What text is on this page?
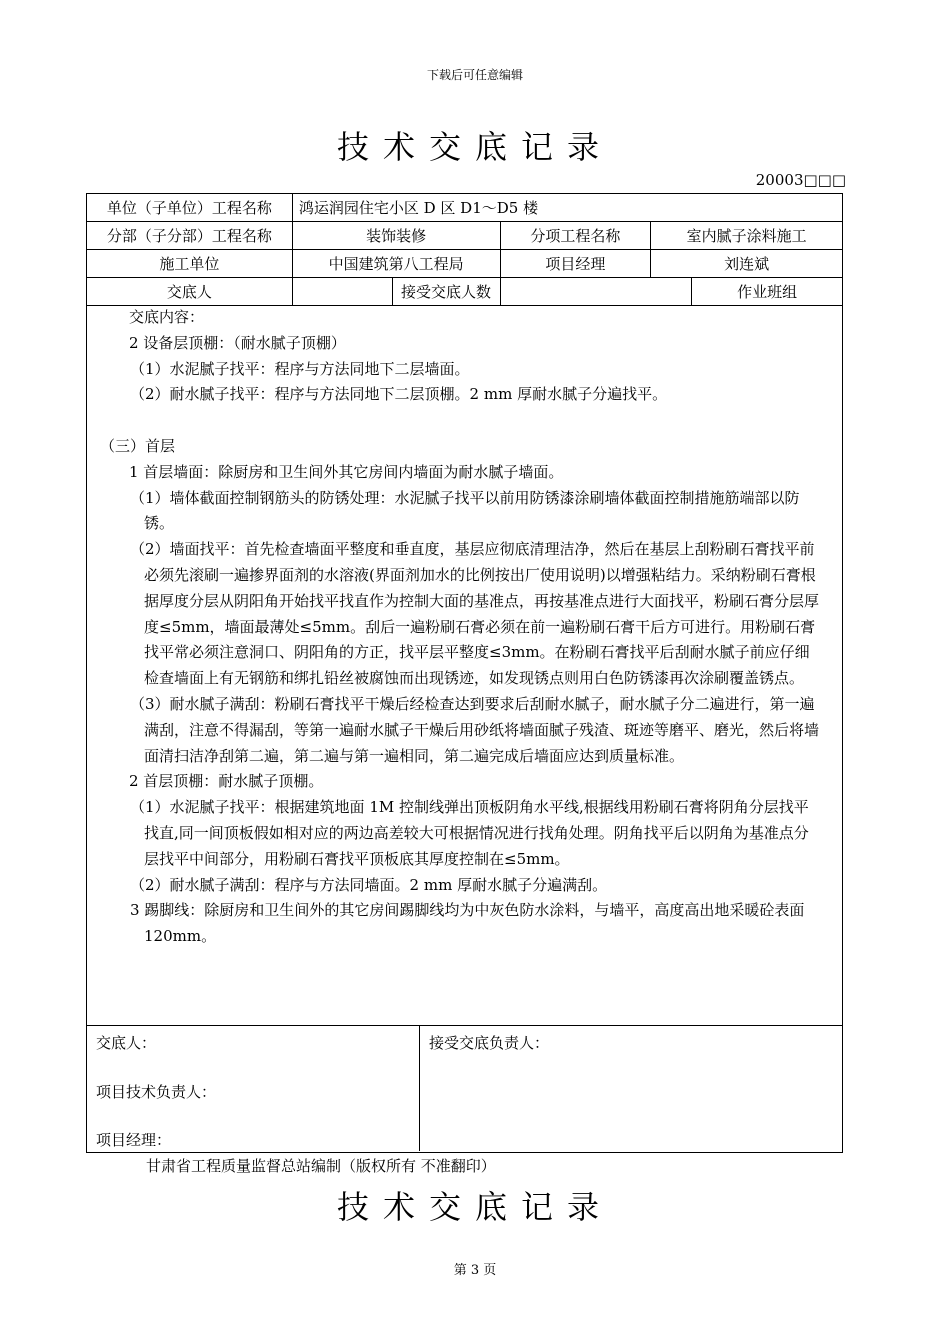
下载后可任意编辑
技术交底记录
20003□□□
单位（子单位）工程名称	鸿运润园住宅小区 D 区 D1～D5 楼				
分部（子分部）工程名称	装饰装修		分项工程名称	室内腻子涂料施工	
施工单位	中国建筑第八工程局		项目经理	刘连斌	
交底人		接受交底人数			作业班组

交底内容：

2 设备层顶棚：（耐水腻子顶棚）

（1）水泥腻子找平：程序与方法同地下二层墙面。

（2）耐水腻子找平：程序与方法同地下二层顶棚。2 mm 厚耐水腻子分遍找平。

（三）首层

1 首层墙面：除厨房和卫生间外其它房间内墙面为耐水腻子墙面。

（1）墙体截面控制钢筋头的防锈处理：水泥腻子找平以前用防锈漆涂刷墙体截面控制措施筋端部以防锈。

（2）墙面找平：首先检查墙面平整度和垂直度，基层应彻底清理洁净，然后在基层上刮粉刷石膏找平前必须先滚刷一遍掺界面剂的水溶液(界面剂加水的比例按出厂使用说明)以增强粘结力。采纳粉刷石膏根据厚度分层从阴阳角开始找平找直作为控制大面的基准点，再按基准点进行大面找平，粉刷石膏分层厚度≤5mm，墙面最薄处≤5mm。刮后一遍粉刷石膏必须在前一遍粉刷石膏干后方可进行。用粉刷石膏找平常必须注意洞口、阴阳角的方正，找平层平整度≤3mm。在粉刷石膏找平后刮耐水腻子前应仔细检查墙面上有无钢筋和绑扎铅丝被腐蚀而出现锈迹，如发现锈点则用白色防锈漆再次涂刷覆盖锈点。

（3）耐水腻子满刮：粉刷石膏找平干燥后经检查达到要求后刮耐水腻子，耐水腻子分二遍进行，第一遍满刮，注意不得漏刮，等第一遍耐水腻子干燥后用砂纸将墙面腻子残渣、斑迹等磨平、磨光，然后将墙面清扫洁净刮第二遍，第二遍与第一遍相同，第二遍完成后墙面应达到质量标准。

2 首层顶棚：耐水腻子顶棚。

（1）水泥腻子找平：根据建筑地面 1M 控制线弹出顶板阴角水平线,根据线用粉刷石膏将阴角分层找平找直,同一间顶板假如相对应的两边高差较大可根据情况进行找角处理。阴角找平后以阴角为基准点分层找平中间部分，用粉刷石膏找平顶板底其厚度控制在≤5mm。

（2）耐水腻子满刮：程序与方法同墙面。2 mm 厚耐水腻子分遍满刮。

3 踢脚线：除厨房和卫生间外的其它房间踢脚线均为中灰色防水涂料，与墙平，高度高出地采暖砼表面 120mm。

交底人：
项目技术负责人：
项目经理：
接受交底负责人：
甘肃省工程质量监督总站编制（版权所有 不准翻印）
技术交底记录
第 3 页
